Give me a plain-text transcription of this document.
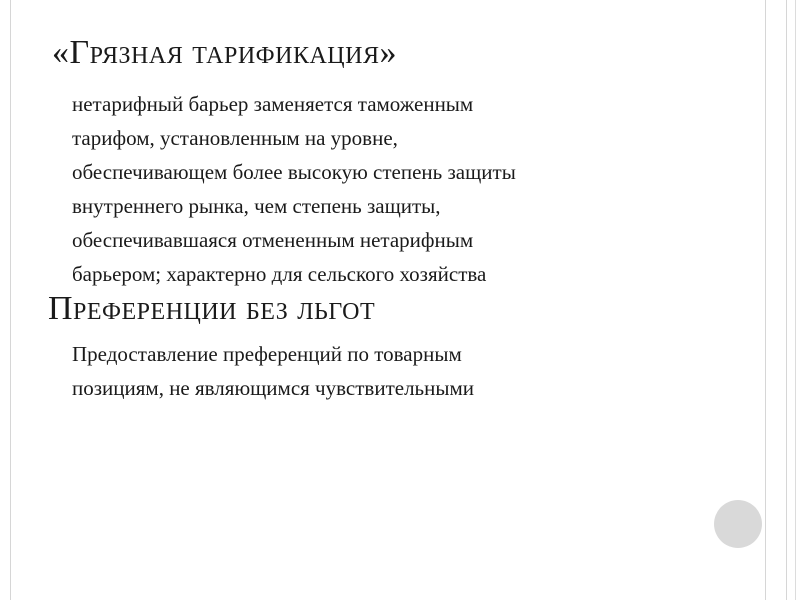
«Грязная тарификация»
нетарифный барьер заменяется таможенным
тарифом, установленным на уровне,
обеспечивающем более высокую степень защиты
внутреннего рынка, чем степень защиты,
обеспечивавшаяся отмененным нетарифным
барьером; характерно для сельского хозяйства
Преференции без льгот
Предоставление преференций по товарным
позициям, не являющимся чувствительными
